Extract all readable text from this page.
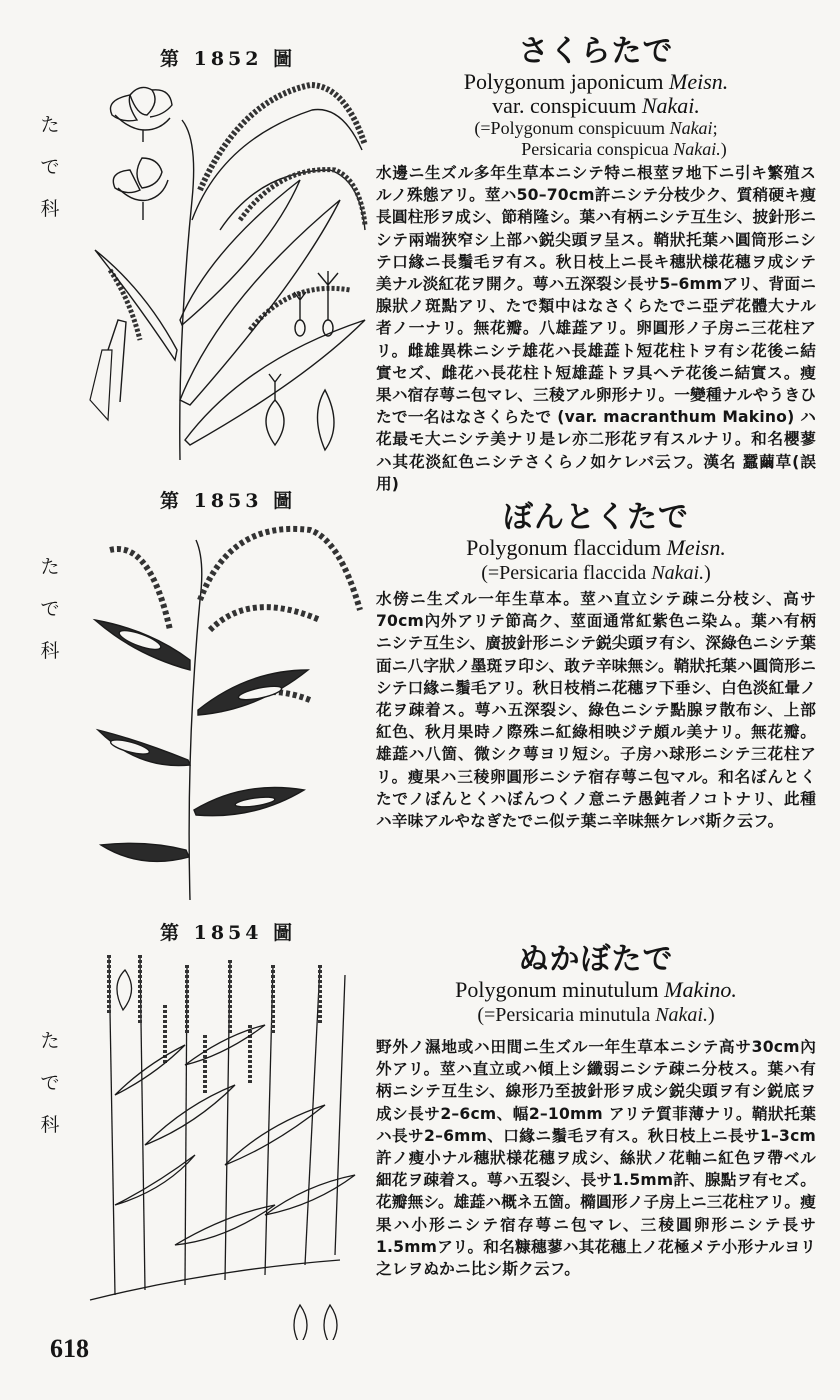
第 1852 圖
た
で
科
第 1853 圖
た
で
科
第 1854 圖
た
で
科
さくらたで
Polygonum japonicum Meisn.
var. conspicuum Nakai.
(=Polygonum conspicuum Nakai;
Persicaria conspicua Nakai.)
水邊ニ生ズル多年生草本ニシテ特ニ根莖ヲ地下ニ引キ繁殖スルノ殊態アリ。莖ハ50–70cm許ニシテ分枝少ク、質稍硬キ痩長圓柱形ヲ成シ、節稍隆シ。葉ハ有柄ニシテ互生シ、披針形ニシテ兩端狹窄シ上部ハ鋭尖頭ヲ呈ス。鞘狀托葉ハ圓筒形ニシテ口緣ニ長鬚毛ヲ有ス。秋日枝上ニ長キ穗狀様花穗ヲ成シテ美ナル淡紅花ヲ開ク。萼ハ五深裂シ長サ5–6mmアリ、背面ニ腺狀ノ斑點アリ、たで類中はなさくらたでニ亞デ花體大ナル者ノ一ナリ。無花瓣。八雄蕋アリ。卵圓形ノ子房ニ三花柱アリ。雌雄異株ニシテ雄花ハ長雄蕋ト短花柱トヲ有シ花後ニ結實セズ、雌花ハ長花柱ト短雄蕋トヲ具ヘテ花後ニ結實ス。瘦果ハ宿存萼ニ包マレ、三稜アル卵形ナリ。一變種ナルやうきひたで一名はなさくらたで (var. macranthum Makino) ハ花最モ大ニシテ美ナリ是レ亦二形花ヲ有スルナリ。和名櫻蓼ハ其花淡紅色ニシテさくらノ如ケレバ云フ。漢名 蠶繭草(誤用)
ぼんとくたで
Polygonum flaccidum Meisn.
(=Persicaria flaccida Nakai.)
水傍ニ生ズル一年生草本。莖ハ直立シテ疎ニ分枝シ、高サ70cm內外アリテ節高ク、莖面通常紅紫色ニ染ム。葉ハ有柄ニシテ互生シ、廣披針形ニシテ鋭尖頭ヲ有シ、深綠色ニシテ葉面ニ八字狀ノ墨斑ヲ印シ、敢テ辛味無シ。鞘狀托葉ハ圓筒形ニシテ口緣ニ鬚毛アリ。秋日枝梢ニ花穗ヲ下垂シ、白色淡紅暈ノ花ヲ疎着ス。萼ハ五深裂シ、綠色ニシテ點腺ヲ散布シ、上部紅色、秋月果時ノ際殊ニ紅綠相映ジテ頗ル美ナリ。無花瓣。雄蕋ハ八箇、微シク萼ヨリ短シ。子房ハ球形ニシテ三花柱アリ。瘦果ハ三稜卵圓形ニシテ宿存萼ニ包マル。和名ぼんとくたでノぼんとくハぼんつくノ意ニテ愚鈍者ノコトナリ、此種ハ辛味アルやなぎたでニ似テ葉ニ辛味無ケレバ斯ク云フ。
ぬかぼたで
Polygonum minutulum Makino.
(=Persicaria minutula Nakai.)
野外ノ濕地或ハ田間ニ生ズル一年生草本ニシテ高サ30cm內外アリ。莖ハ直立或ハ傾上シ纖弱ニシテ疎ニ分枝ス。葉ハ有柄ニシテ互生シ、線形乃至披針形ヲ成シ鋭尖頭ヲ有シ鋭底ヲ成シ長サ2–6cm、幅2–10mm アリテ質菲薄ナリ。鞘狀托葉ハ長サ2–6mm、口緣ニ鬚毛ヲ有ス。秋日枝上ニ長サ1–3cm 許ノ瘦小ナル穗狀様花穗ヲ成シ、絲狀ノ花軸ニ紅色ヲ帶ベル細花ヲ疎着ス。萼ハ五裂シ、長サ1.5mm許、腺點ヲ有セズ。花瓣無シ。雄蕋ハ概ネ五箇。橢圓形ノ子房上ニ三花柱アリ。瘦果ハ小形ニシテ宿存萼ニ包マレ、三稜圓卵形ニシテ長サ1.5mmアリ。和名糠穗蓼ハ其花穗上ノ花極メテ小形ナルヨリ之レヲぬかニ比シ斯ク云フ。
618
